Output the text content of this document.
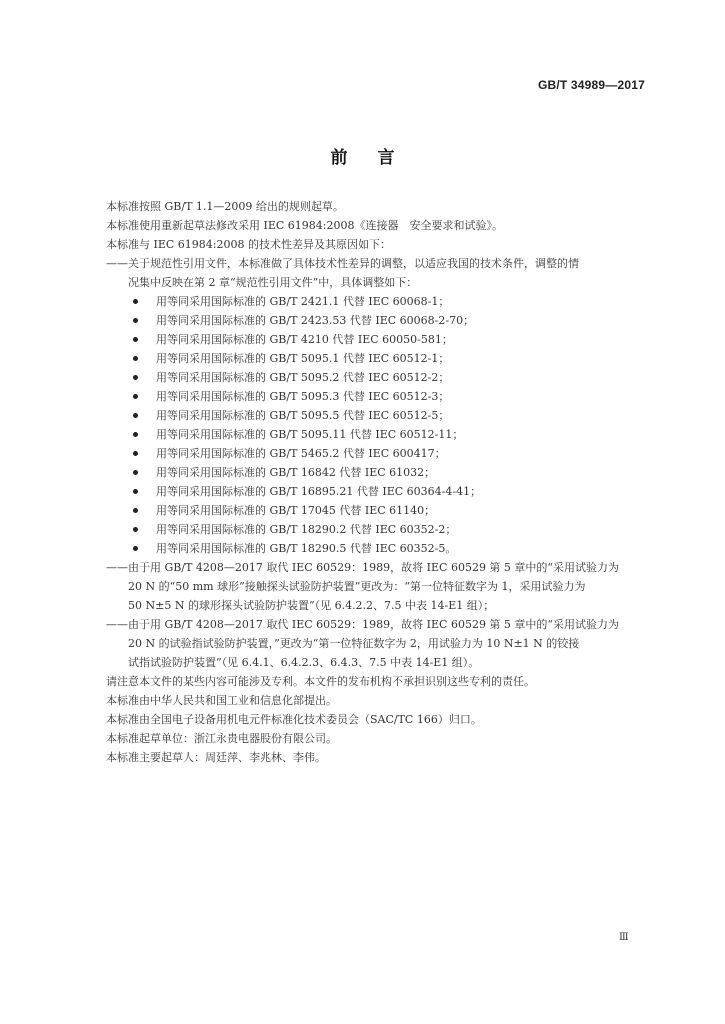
GB/T 34989—2017
前言
本标准按照 GB/T 1.1—2009 给出的规则起草。
本标准使用重新起草法修改采用 IEC 61984:2008《连接器　安全要求和试验》。
本标准与 IEC 61984:2008 的技术性差异及其原因如下：
——关于规范性引用文件，本标准做了具体技术性差异的调整，以适应我国的技术条件，调整的情
况集中反映在第 2 章“规范性引用文件”中，具体调整如下：
用等同采用国际标准的 GB/T 2421.1 代替 IEC 60068-1；
用等同采用国际标准的 GB/T 2423.53 代替 IEC 60068-2-70；
用等同采用国际标准的 GB/T 4210 代替 IEC 60050-581；
用等同采用国际标准的 GB/T 5095.1 代替 IEC 60512-1；
用等同采用国际标准的 GB/T 5095.2 代替 IEC 60512-2；
用等同采用国际标准的 GB/T 5095.3 代替 IEC 60512-3；
用等同采用国际标准的 GB/T 5095.5 代替 IEC 60512-5；
用等同采用国际标准的 GB/T 5095.11 代替 IEC 60512-11；
用等同采用国际标准的 GB/T 5465.2 代替 IEC 600417；
用等同采用国际标准的 GB/T 16842 代替 IEC 61032；
用等同采用国际标准的 GB/T 16895.21 代替 IEC 60364-4-41；
用等同采用国际标准的 GB/T 17045 代替 IEC 61140；
用等同采用国际标准的 GB/T 18290.2 代替 IEC 60352-2；
用等同采用国际标准的 GB/T 18290.5 代替 IEC 60352-5。
——由于用 GB/T 4208—2017 取代 IEC 60529：1989，故将 IEC 60529 第 5 章中的“采用试验力为
20 N 的“50 mm 球形”接触探头试验防护装置”更改为：“第一位特征数字为 1，采用试验力为
50 N±5 N 的球形探头试验防护装置”（见 6.4.2.2、7.5 中表 14-E1 组）；
——由于用 GB/T 4208—2017 取代 IEC 60529：1989，故将 IEC 60529 第 5 章中的“采用试验力为
20 N 的试验指试验防护装置，”更改为“第一位特征数字为 2，用试验力为 10 N±1 N 的铰接
试指试验防护装置”（见 6.4.1、6.4.2.3、6.4.3、7.5 中表 14-E1 组）。
请注意本文件的某些内容可能涉及专利。本文件的发布机构不承担识别这些专利的责任。
本标准由中华人民共和国工业和信息化部提出。
本标准由全国电子设备用机电元件标准化技术委员会（SAC/TC 166）归口。
本标准起草单位：浙江永贵电器股份有限公司。
本标准主要起草人：周廷萍、李兆林、李伟。
Ⅲ
